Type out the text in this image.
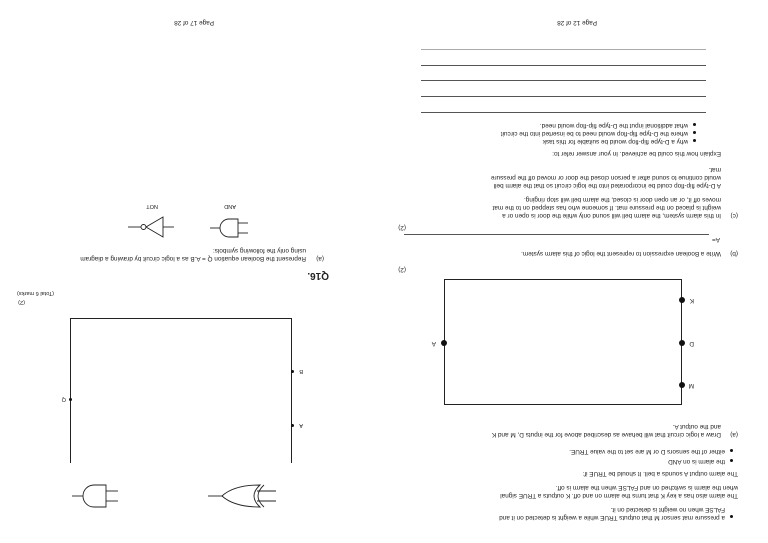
a pressure mat sensor M that outputs TRUE while a weight is detected on it and
FALSE when no weight is detected on it.
The alarm also has a key K that turns the alarm on and off. K outputs a TRUE signal
when the alarm is switched on and FALSE when the alarm is off.
The alarm output A sounds a bell. It should be TRUE if:
the alarm is on AND
either of the sensors D or M are set to the value TRUE.
(a)
Draw a logic circuit that will behave as described above for the inputs D, M and K
and the output A.
M
D
K
A
(2)
(b)
Write a Boolean expression to represent the logic of this alarm system.
A=
(2)
(c)
In this alarm system, the alarm bell will sound only while the door is open or a
weight is placed on the pressure mat. If someone who has stepped on to the mat
moves off it, or an open door is closed, the alarm bell will stop ringing.
A D-type flip-flop could be incorporated into the logic circuit so that the alarm bell
would continue to sound after a person closed the door or moved off the pressure
mat.
Explain how this could be achieved. In your answer refer to:
why a D-type flip-flop would be suitable for this task
where the D-type flip-flop would need to be inserted into the circuit
what additional input the D-type flip-flop would need.
Page 12 of 28
A
B
Q
(2)
(Total 6 marks)
Q16.
(a)
Represent the Boolean equation Q = A.B as a logic circuit by drawing a diagram
using only the following symbols:
AND
NOT
Page 17 of 28
